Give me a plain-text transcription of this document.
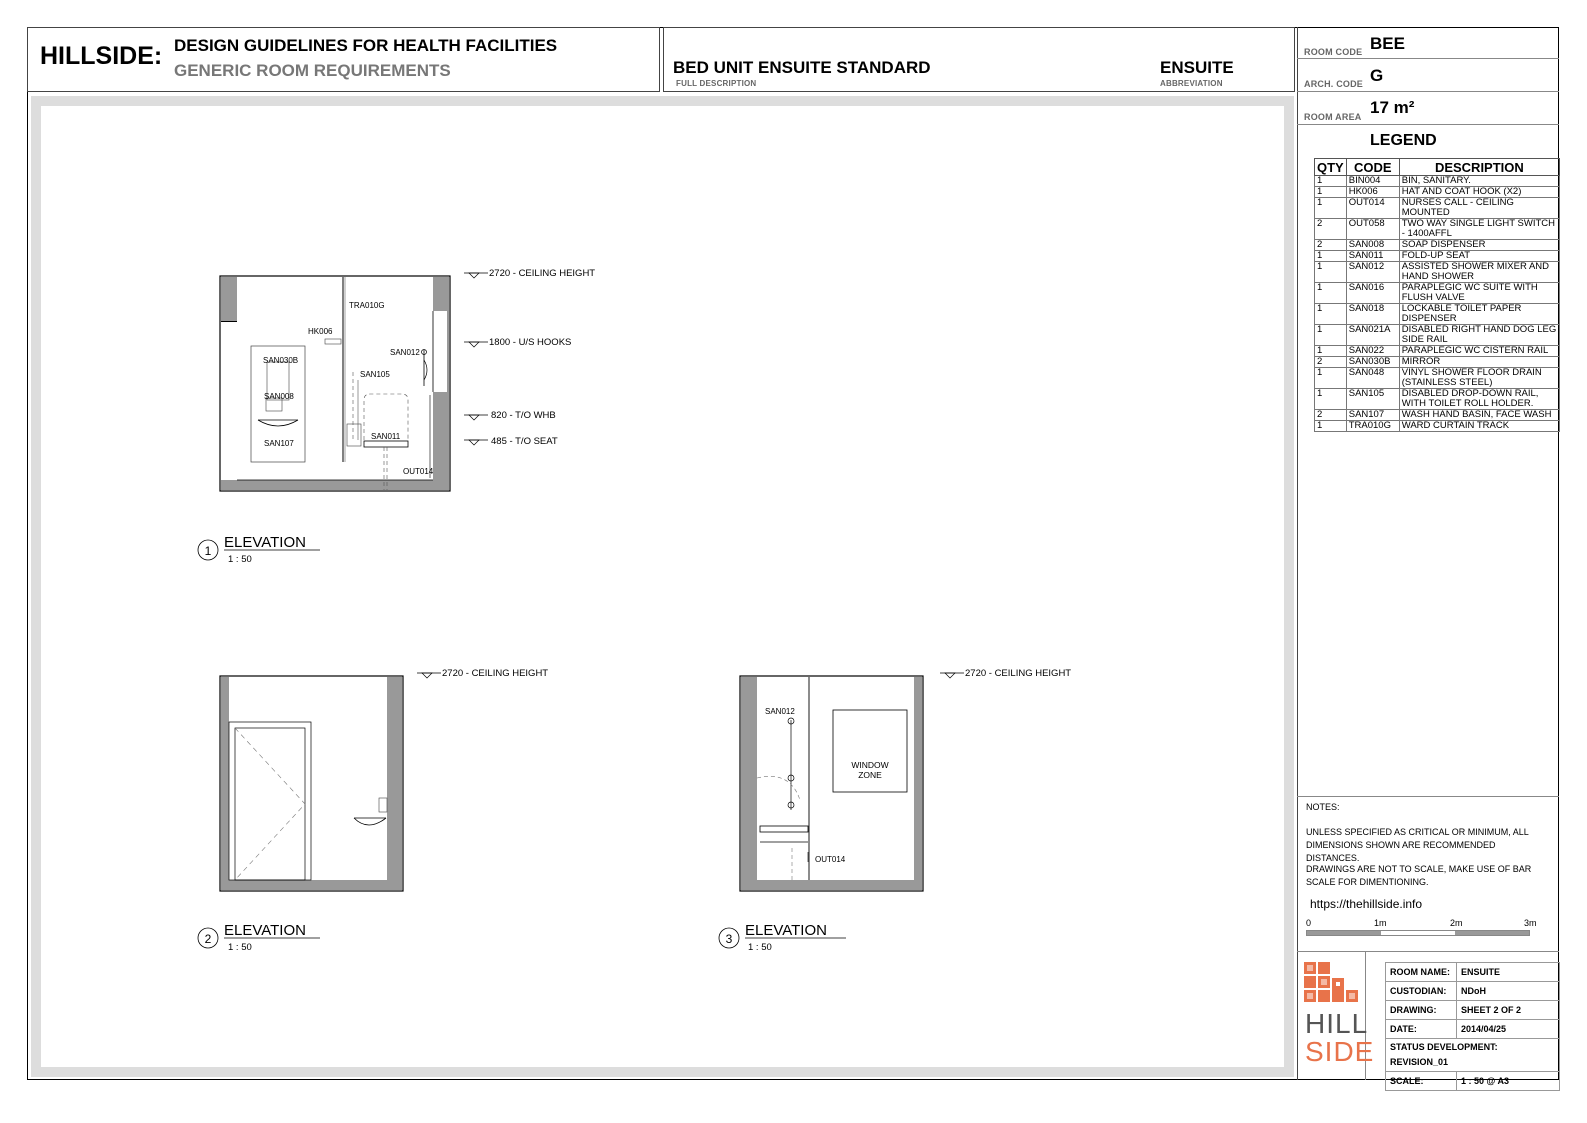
HILLSIDE: DESIGN GUIDELINES FOR HEALTH FACILITIES
GENERIC ROOM REQUIREMENTS	BED UNIT ENSUITE STANDARD
FULL DESCRIPTION
ENSUITE
ABBREVIATION
ROOM CODE BEE
ARCH. CODE G
ROOM AREA 17 m²
LEGEND
QTY	CODE	DESCRIPTION
1	BIN004	BIN, SANITARY.
1	HK006	HAT AND COAT HOOK (X2)
1	OUT014	NURSES CALL - CEILING MOUNTED
2	OUT058	TWO WAY SINGLE LIGHT SWITCH - 1400AFFL
2	SAN008	SOAP DISPENSER
1	SAN011	FOLD-UP SEAT
1	SAN012	ASSISTED SHOWER MIXER AND HAND SHOWER
1	SAN016	PARAPLEGIC WC SUITE WITH FLUSH VALVE
1	SAN018	LOCKABLE TOILET PAPER DISPENSER
1	SAN021A	DISABLED RIGHT HAND DOG LEG SIDE RAIL
1	SAN022	PARAPLEGIC WC CISTERN RAIL
2	SAN030B	MIRROR
1	SAN048	VINYL SHOWER FLOOR DRAIN (STAINLESS STEEL)
1	SAN105	DISABLED DROP-DOWN RAIL, WITH TOILET ROLL HOLDER.
2	SAN107	WASH HAND BASIN, FACE WASH
1	TRA010G	WARD CURTAIN TRACK
NOTES:
UNLESS SPECIFIED AS CRITICAL OR MINIMUM, ALL DIMENSIONS SHOWN ARE RECOMMENDED DISTANCES.
DRAWINGS ARE NOT TO SCALE, MAKE USE OF BAR SCALE FOR DIMENTIONING.
https://thehillside.info
0	1m	2m	3m
HILL
SIDE
ROOM NAME:	ENSUITE
CUSTODIAN:	NDoH
DRAWING:	SHEET 2 OF 2
DATE:	2014/04/25

STATUS DEVELOPMENT:
REVISION_01	

SCALE:	1 : 50 @ A3
TRA010G
HK006
SAN012
SAN030B
SAN105
SAN008
SAN011
SAN107
OUT014
2720 - CEILING HEIGHT
1800 - U/S HOOKS
820 - T/O WHB
485 - T/O SEAT
1 ELEVATION
1 : 50
2720 - CEILING HEIGHT
2 ELEVATION
1 : 50
SAN012
OUT014
WINDOW
ZONE
2720 - CEILING HEIGHT
3 ELEVATION
1 : 50
